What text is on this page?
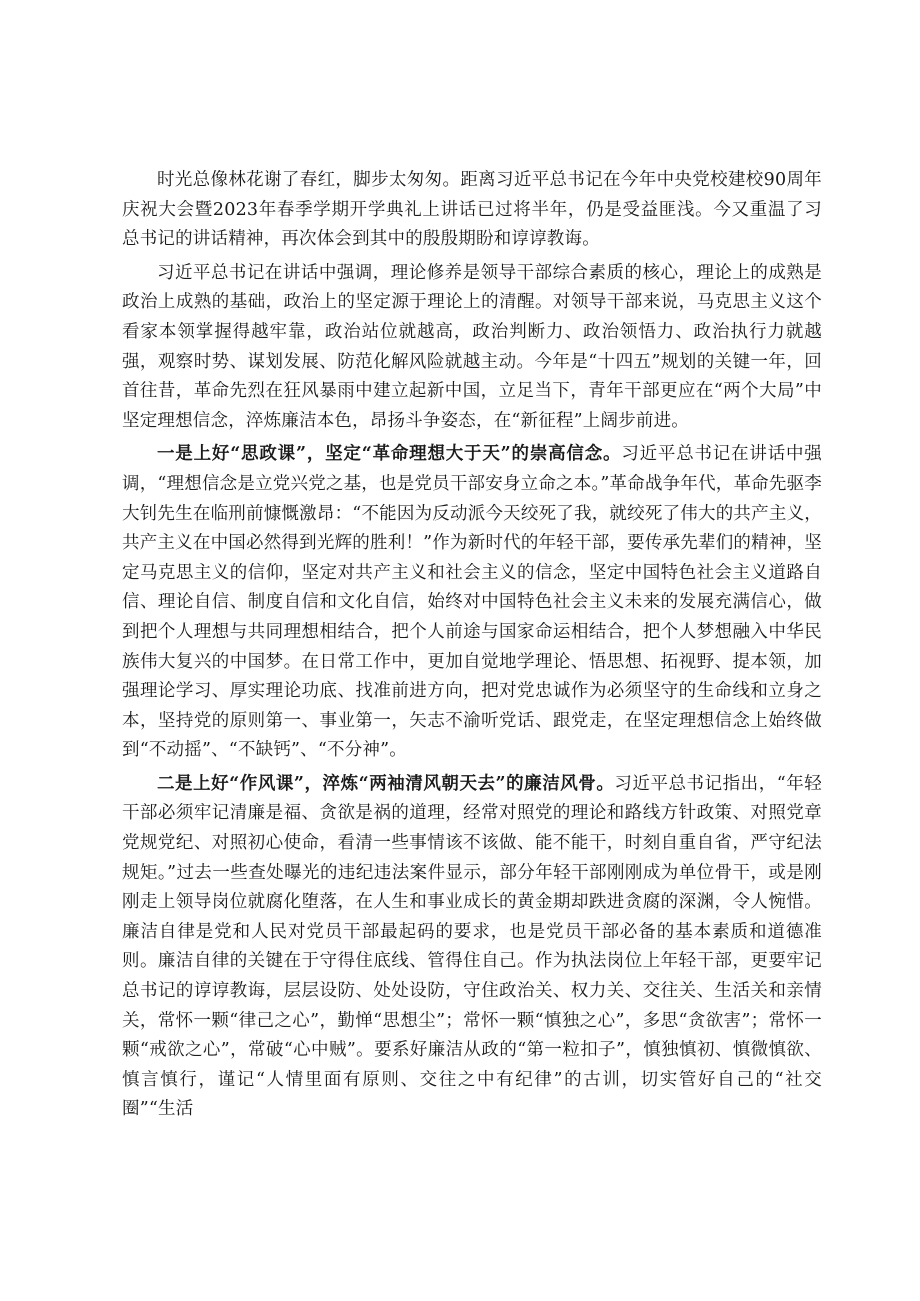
时光总像林花谢了春红，脚步太匆匆。距离习近平总书记在今年中央党校建校90周年庆祝大会暨2023年春季学期开学典礼上讲话已过将半年，仍是受益匪浅。今又重温了习总书记的讲话精神，再次体会到其中的殷殷期盼和谆谆教诲。

习近平总书记在讲话中强调，理论修养是领导干部综合素质的核心，理论上的成熟是政治上成熟的基础，政治上的坚定源于理论上的清醒。对领导干部来说，马克思主义这个看家本领掌握得越牢靠，政治站位就越高，政治判断力、政治领悟力、政治执行力就越强，观察时势、谋划发展、防范化解风险就越主动。今年是“十四五”规划的关键一年，回首往昔，革命先烈在狂风暴雨中建立起新中国，立足当下，青年干部更应在“两个大局”中坚定理想信念，淬炼廉洁本色，昂扬斗争姿态，在“新征程”上阔步前进。

一是上好“思政课”，坚定“革命理想大于天”的崇高信念。习近平总书记在讲话中强调，“理想信念是立党兴党之基，也是党员干部安身立命之本。”革命战争年代，革命先驱李大钊先生在临刑前慷慨激昂：“不能因为反动派今天绞死了我，就绞死了伟大的共产主义，共产主义在中国必然得到光辉的胜利！”作为新时代的年轻干部，要传承先辈们的精神，坚定马克思主义的信仰，坚定对共产主义和社会主义的信念，坚定中国特色社会主义道路自信、理论自信、制度自信和文化自信，始终对中国特色社会主义未来的发展充满信心，做到把个人理想与共同理想相结合，把个人前途与国家命运相结合，把个人梦想融入中华民族伟大复兴的中国梦。在日常工作中，更加自觉地学理论、悟思想、拓视野、提本领，加强理论学习、厚实理论功底、找准前进方向，把对党忠诚作为必须坚守的生命线和立身之本，坚持党的原则第一、事业第一，矢志不渝听党话、跟党走，在坚定理想信念上始终做到“不动摇”、“不缺钙”、“不分神”。

二是上好“作风课”，淬炼“两袖清风朝天去”的廉洁风骨。习近平总书记指出，“年轻干部必须牢记清廉是福、贪欲是祸的道理，经常对照党的理论和路线方针政策、对照党章党规党纪、对照初心使命，看清一些事情该不该做、能不能干，时刻自重自省，严守纪法规矩。”过去一些查处曝光的违纪违法案件显示，部分年轻干部刚刚成为单位骨干，或是刚刚走上领导岗位就腐化堕落，在人生和事业成长的黄金期却跌进贪腐的深渊，令人惋惜。廉洁自律是党和人民对党员干部最起码的要求，也是党员干部必备的基本素质和道德准则。廉洁自律的关键在于守得住底线、管得住自己。作为执法岗位上年轻干部，更要牢记总书记的谆谆教诲，层层设防、处处设防，守住政治关、权力关、交往关、生活关和亲情关，常怀一颗“律己之心”，勤惮“思想尘”；常怀一颗“慎独之心”，多思“贪欲害”；常怀一颗“戒欲之心”，常破“心中贼”。要系好廉洁从政的“第一粒扣子”，慎独慎初、慎微慎欲、慎言慎行，谨记“人情里面有原则、交往之中有纪律”的古训，切实管好自己的“社交圈”“生活
